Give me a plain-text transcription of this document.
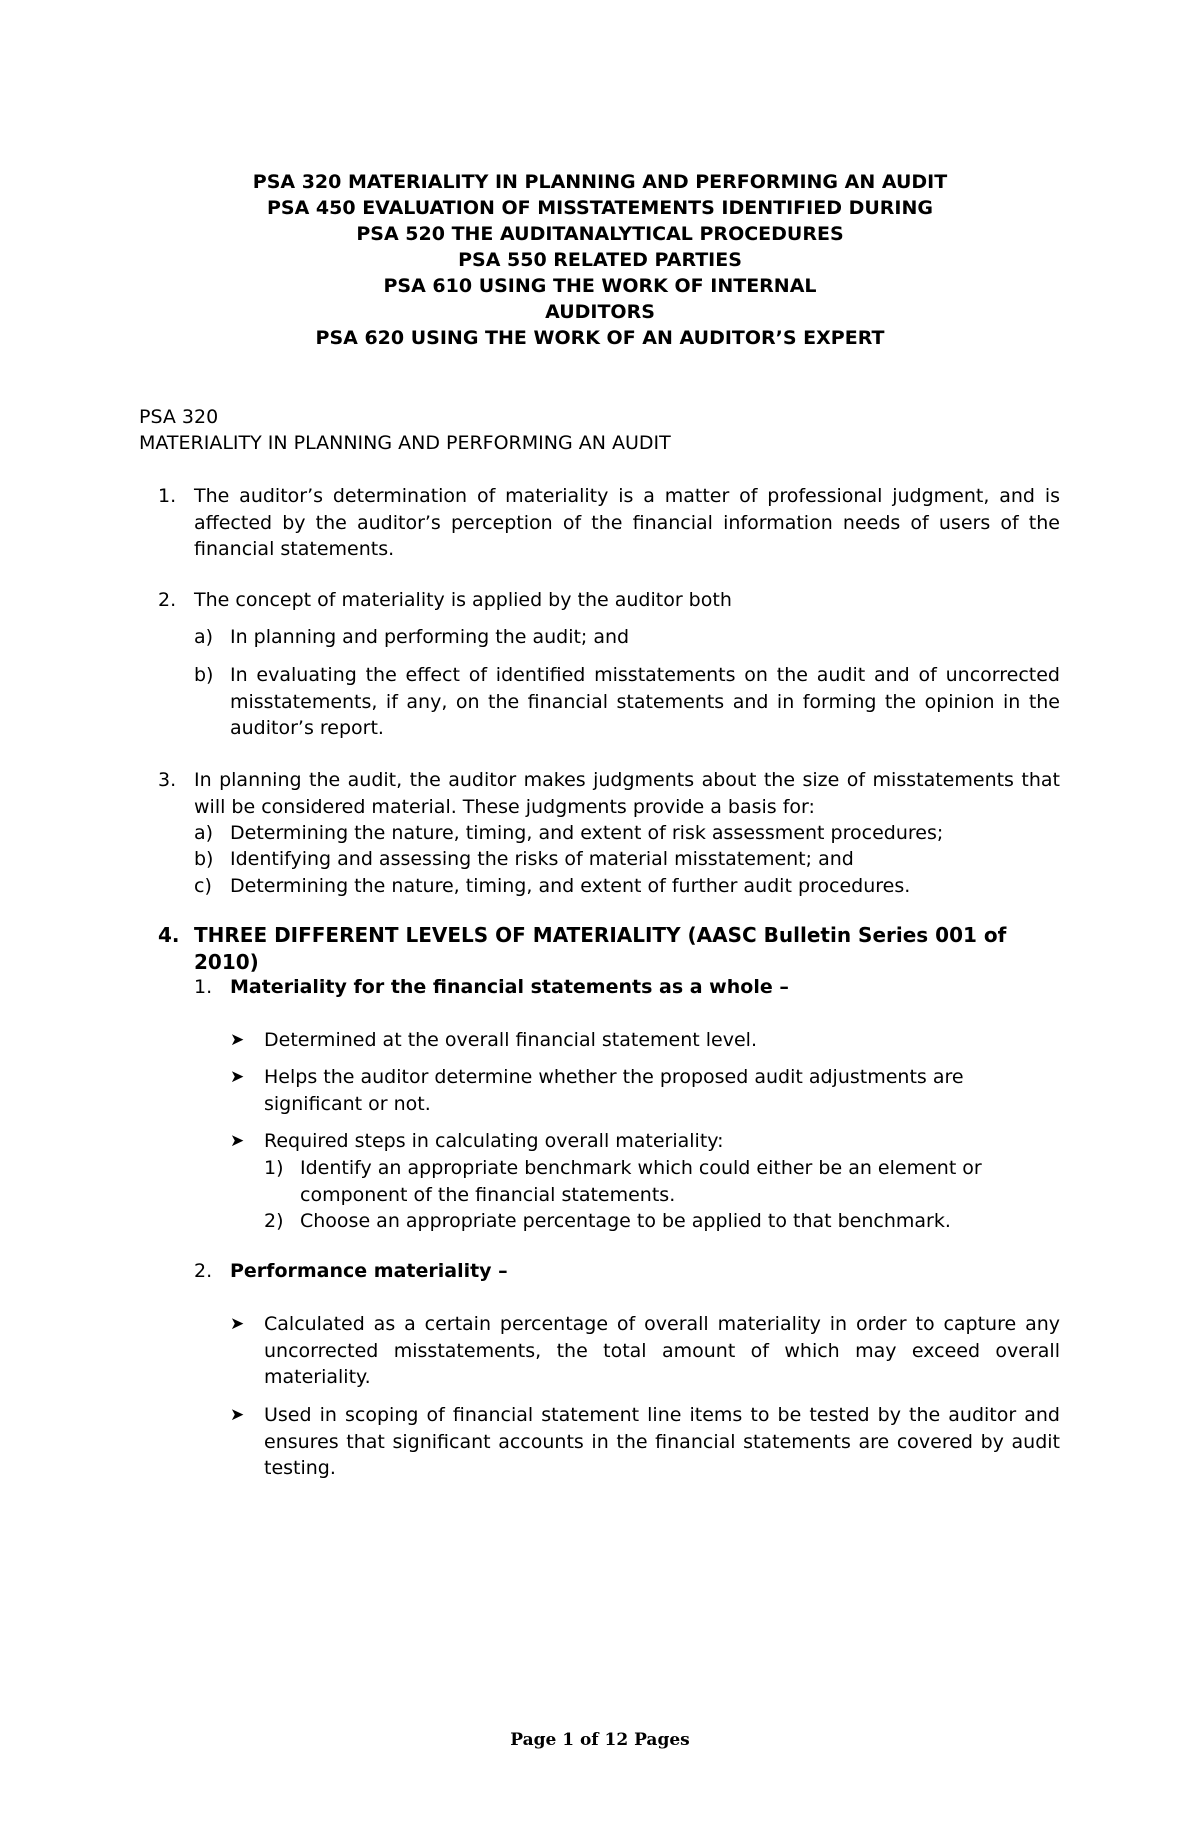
PSA 320 MATERIALITY IN PLANNING AND PERFORMING AN AUDIT
PSA 450 EVALUATION OF MISSTATEMENTS IDENTIFIED DURING
PSA 520 THE AUDITANALYTICAL PROCEDURES
PSA 550 RELATED PARTIES
PSA 610 USING THE WORK OF INTERNAL
AUDITORS
PSA 620 USING THE WORK OF AN AUDITOR’S EXPERT
PSA 320
MATERIALITY IN PLANNING AND PERFORMING AN AUDIT
1. The auditor’s determination of materiality is a matter of professional judgment, and is affected by the auditor’s perception of the financial information needs of users of the financial statements.
2. The concept of materiality is applied by the auditor both
a) In planning and performing the audit; and
b) In evaluating the effect of identified misstatements on the audit and of uncorrected misstatements, if any, on the financial statements and in forming the opinion in the auditor’s report.
3. In planning the audit, the auditor makes judgments about the size of misstatements that will be considered material. These judgments provide a basis for:
a) Determining the nature, timing, and extent of risk assessment procedures;
b) Identifying and assessing the risks of material misstatement; and
c) Determining the nature, timing, and extent of further audit procedures.
4. THREE DIFFERENT LEVELS OF MATERIALITY (AASC Bulletin Series 001 of 2010)
1. Materiality for the financial statements as a whole –
➤ Determined at the overall financial statement level.
➤ Helps the auditor determine whether the proposed audit adjustments are significant or not.
➤ Required steps in calculating overall materiality:
1) Identify an appropriate benchmark which could either be an element or component of the financial statements.
2) Choose an appropriate percentage to be applied to that benchmark.
2. Performance materiality –
➤ Calculated as a certain percentage of overall materiality in order to capture any uncorrected misstatements, the total amount of which may exceed overall materiality.
➤ Used in scoping of financial statement line items to be tested by the auditor and ensures that significant accounts in the financial statements are covered by audit testing.
Page 1 of 12 Pages
